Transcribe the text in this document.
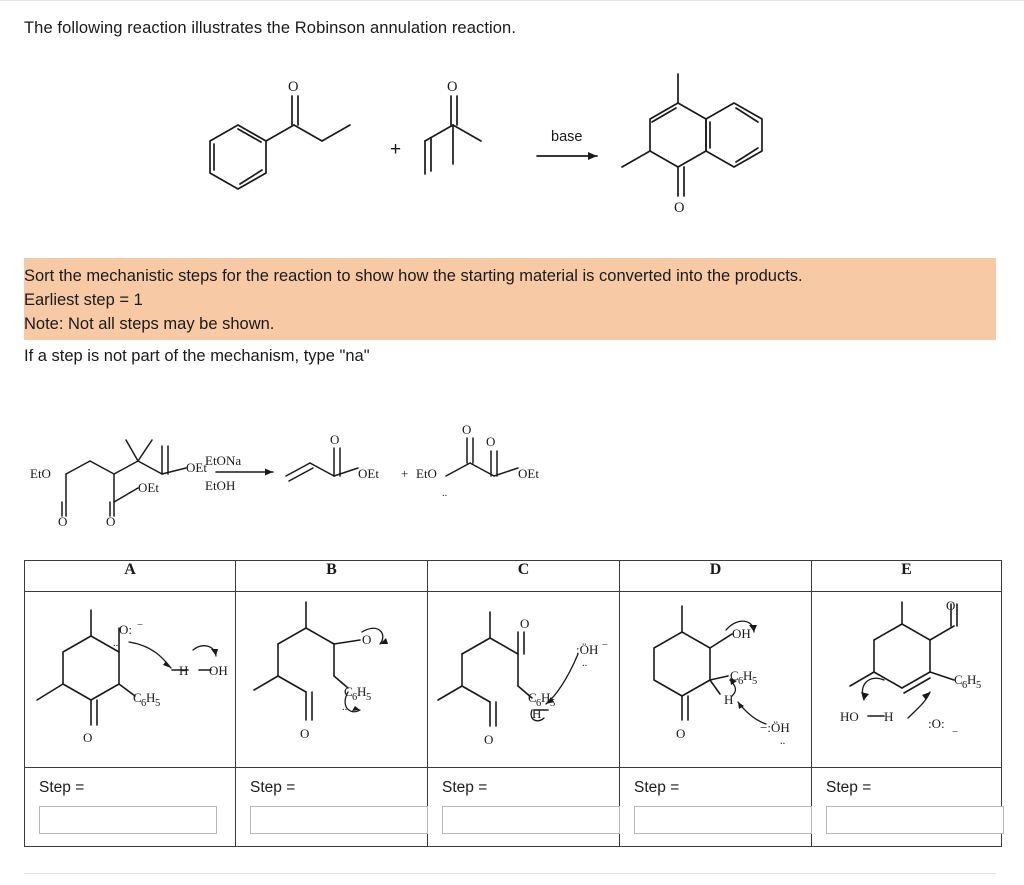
The following reaction illustrates the Robinson annulation reaction.
O	O
O
+
base
Sort the mechanistic steps for the reaction to show how the starting material is converted into the products.
Earliest step = 1
Note: Not all steps may be shown.
If a step is not part of the mechanism, type "na"
EtO	OEt
OEt
O	O
O
OEt + EtO
O
O
OEt
..
EtONa
EtOH
A	B	C	D	E

O: −
..
C 6 H 5
O
H OH

O
C 6 H 5
..
O

O
C 6 H 5
H
:ÖH −
..
O

OH
C 6 H 5
H
O	−:ÖH
..

O
C 6 H 5
HO H	:O:
−

Step =	Step =	Step =	Step =	Step =
